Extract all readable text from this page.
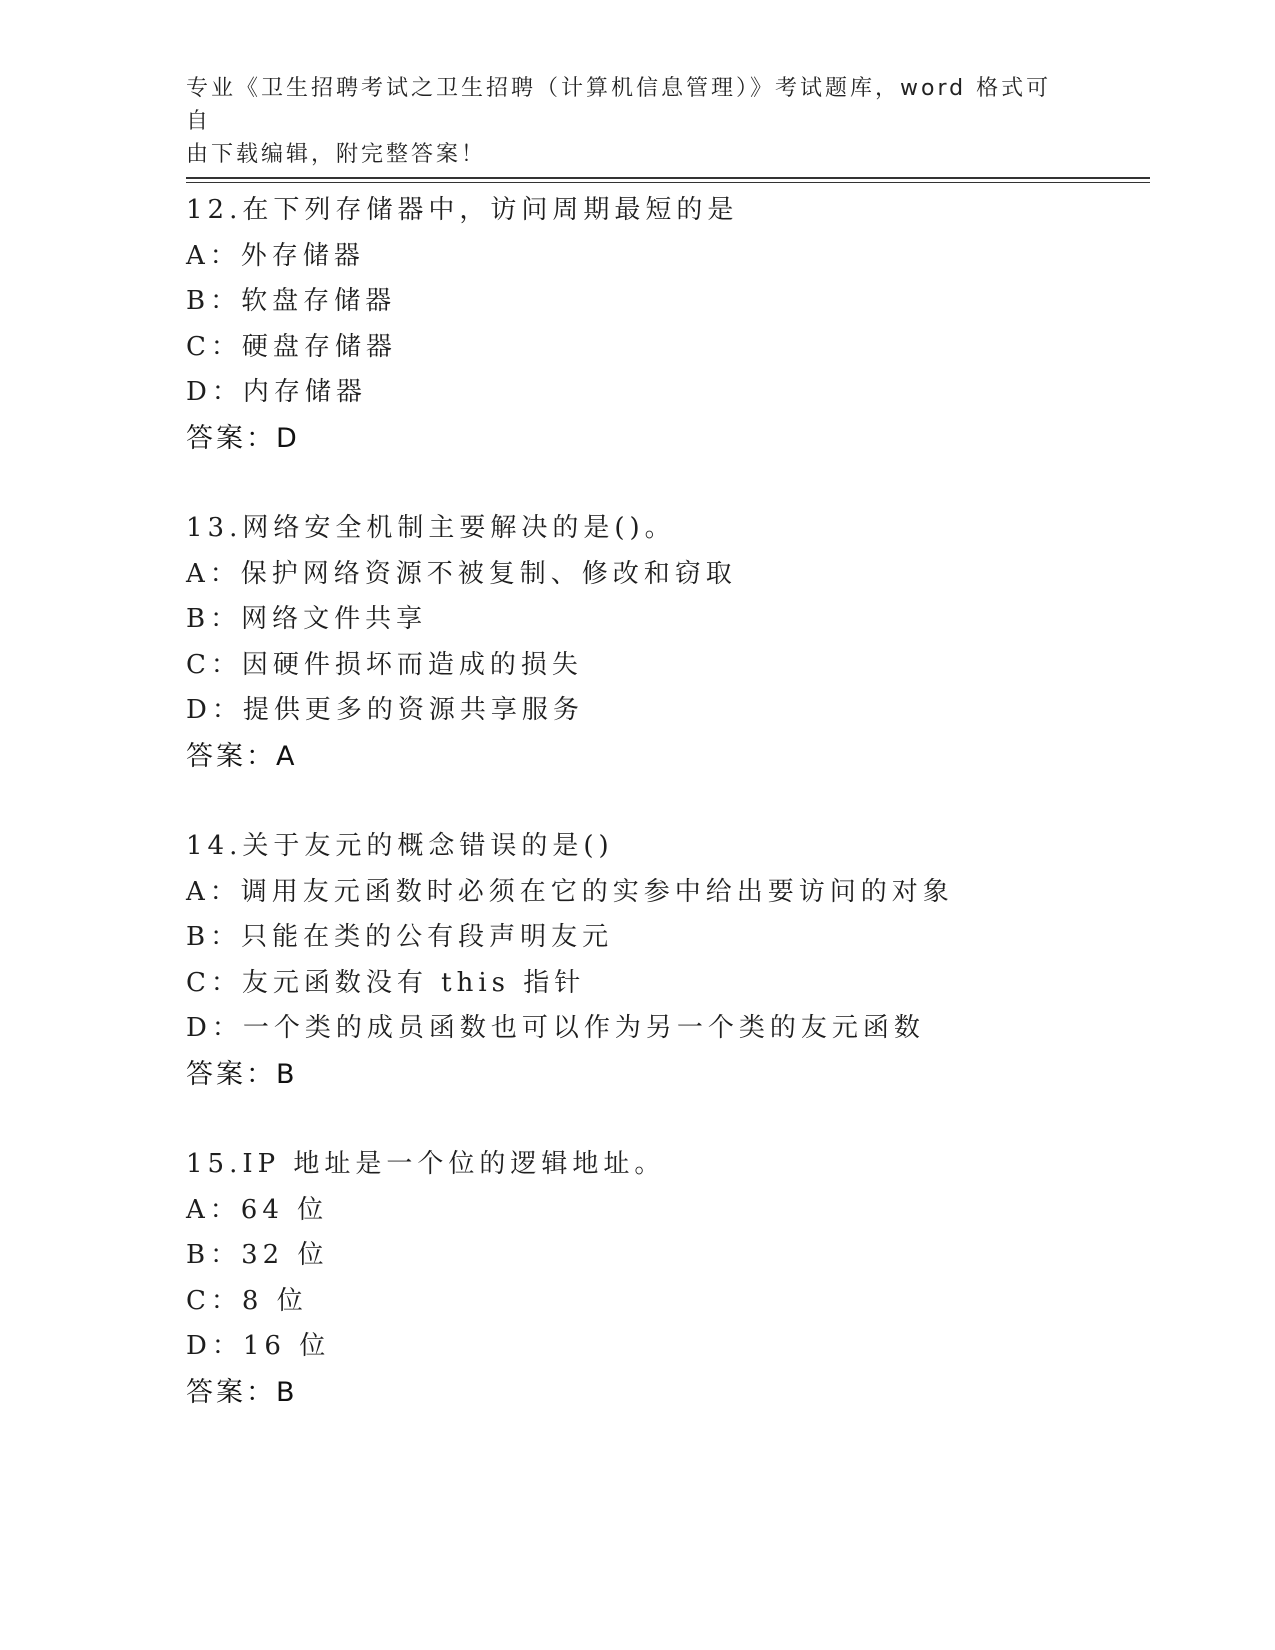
专业《卫生招聘考试之卫生招聘（计算机信息管理）》考试题库，word 格式可自
由下载编辑，附完整答案！
12.在下列存储器中，访问周期最短的是
A：外存储器
B：软盘存储器
C：硬盘存储器
D：内存储器
答案：D
13.网络安全机制主要解决的是()。
A：保护网络资源不被复制、修改和窃取
B：网络文件共享
C：因硬件损坏而造成的损失
D：提供更多的资源共享服务
答案：A
14.关于友元的概念错误的是()
A：调用友元函数时必须在它的实参中给出要访问的对象
B：只能在类的公有段声明友元
C：友元函数没有 this 指针
D：一个类的成员函数也可以作为另一个类的友元函数
答案：B
15.IP 地址是一个位的逻辑地址。
A：64 位
B：32 位
C：8 位
D：16 位
答案：B
